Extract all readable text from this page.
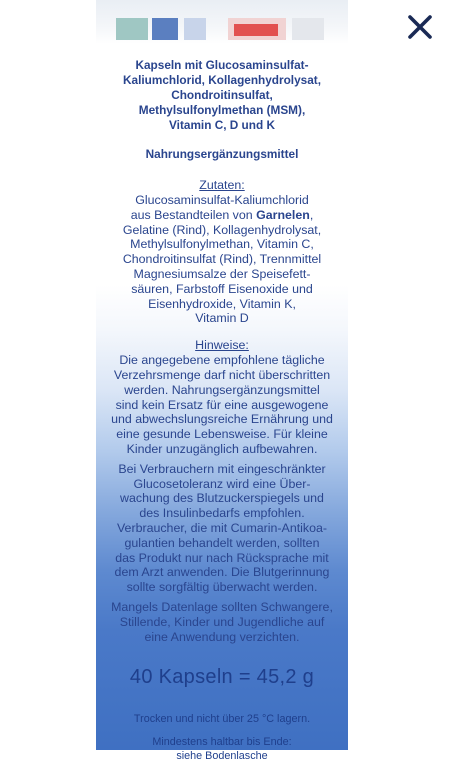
Kapseln mit Glucosaminsulfat-
Kaliumchlorid, Kollagenhydrolysat,
Chondroitinsulfat,
Methylsulfonylmethan (MSM),
Vitamin C, D und K
Nahrungsergänzungsmittel
Zutaten:
Glucosaminsulfat-Kaliumchlorid
aus Bestandteilen von Garnelen,
Gelatine (Rind), Kollagenhydrolysat,
Methylsulfonylmethan, Vitamin C,
Chondroitinsulfat (Rind), Trennmittel
Magnesiumsalze der Speisefett-
säuren, Farbstoff Eisenoxide und
Eisenhydroxide, Vitamin K,
Vitamin D
Hinweise:
Die angegebene empfohlene tägliche
Verzehrsmenge darf nicht überschritten
werden. Nahrungsergänzungsmittel
sind kein Ersatz für eine ausgewogene
und abwechslungsreiche Ernährung und
eine gesunde Lebensweise. Für kleine
Kinder unzugänglich aufbewahren.
Bei Verbrauchern mit eingeschränkter
Glucosetoleranz wird eine Über-
wachung des Blutzuckerspiegels und
des Insulinbedarfs empfohlen.
Verbraucher, die mit Cumarin-Antikoa-
gulantien behandelt werden, sollten
das Produkt nur nach Rücksprache mit
dem Arzt anwenden. Die Blutgerinnung
sollte sorgfältig überwacht werden.
Mangels Datenlage sollten Schwangere,
Stillende, Kinder und Jugendliche auf
eine Anwendung verzichten.
40 Kapseln = 45,2 g
Trocken und nicht über 25 °C lagern.
Mindestens haltbar bis Ende:
siehe Bodenlasche
